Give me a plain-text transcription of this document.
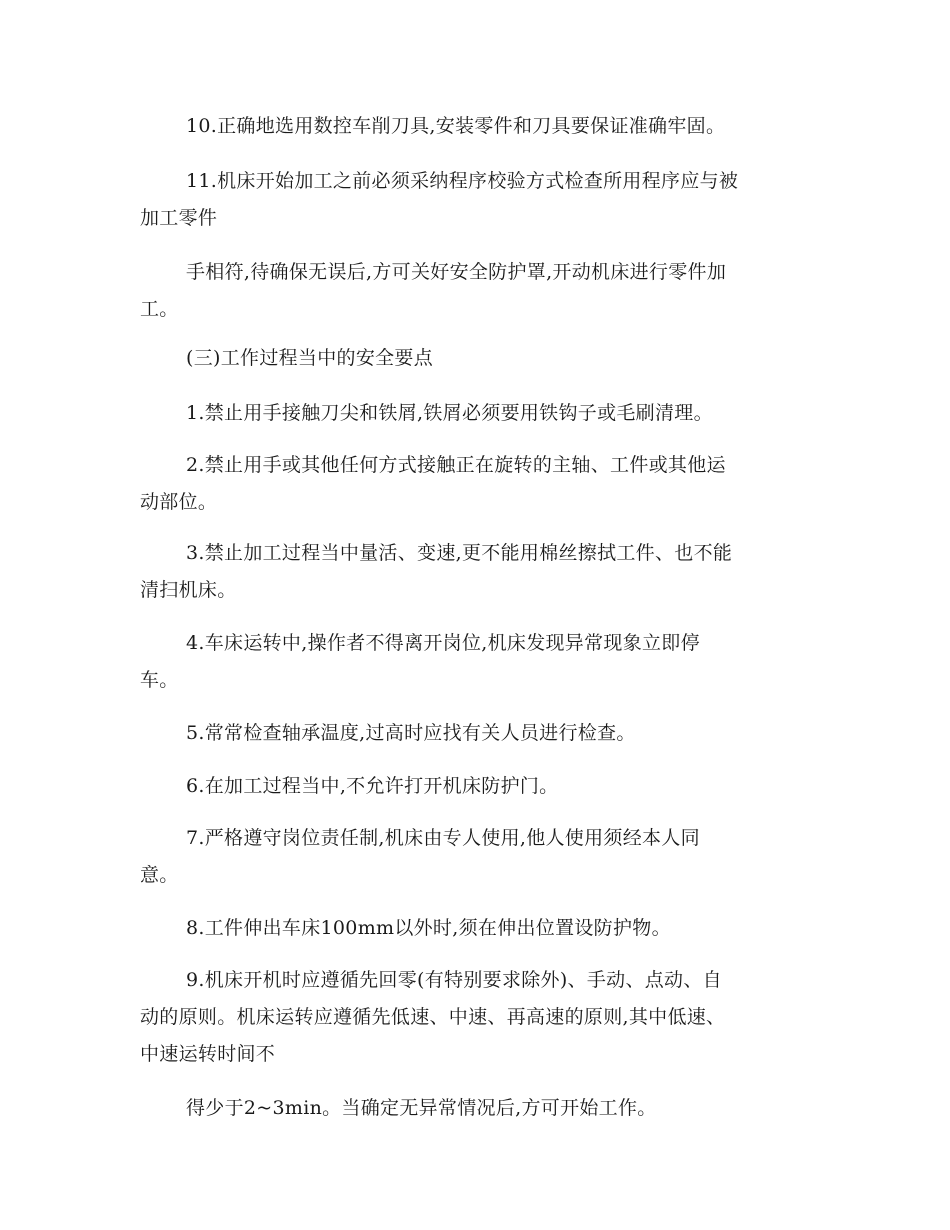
10.正确地选用数控车削刀具,安装零件和刀具要保证准确牢固。

11.机床开始加工之前必须采纳程序校验方式检查所用程序应与被
加工零件

手相符,待确保无误后,方可关好安全防护罩,开动机床进行零件加
工。

(三)工作过程当中的安全要点

1.禁止用手接触刀尖和铁屑,铁屑必须要用铁钩子或毛刷清理。

2.禁止用手或其他任何方式接触正在旋转的主轴、工件或其他运
动部位。

3.禁止加工过程当中量活、变速,更不能用棉丝擦拭工件、也不能
清扫机床。

4.车床运转中,操作者不得离开岗位,机床发现异常现象立即停
车。

5.常常检查轴承温度,过高时应找有关人员进行检查。

6.在加工过程当中,不允许打开机床防护门。

7.严格遵守岗位责任制,机床由专人使用,他人使用须经本人同
意。

8.工件伸出车床100mm以外时,须在伸出位置设防护物。

9.机床开机时应遵循先回零(有特别要求除外)、手动、点动、自
动的原则。机床运转应遵循先低速、中速、再高速的原则,其中低速、
中速运转时间不

得少于2~3min。当确定无异常情况后,方可开始工作。
